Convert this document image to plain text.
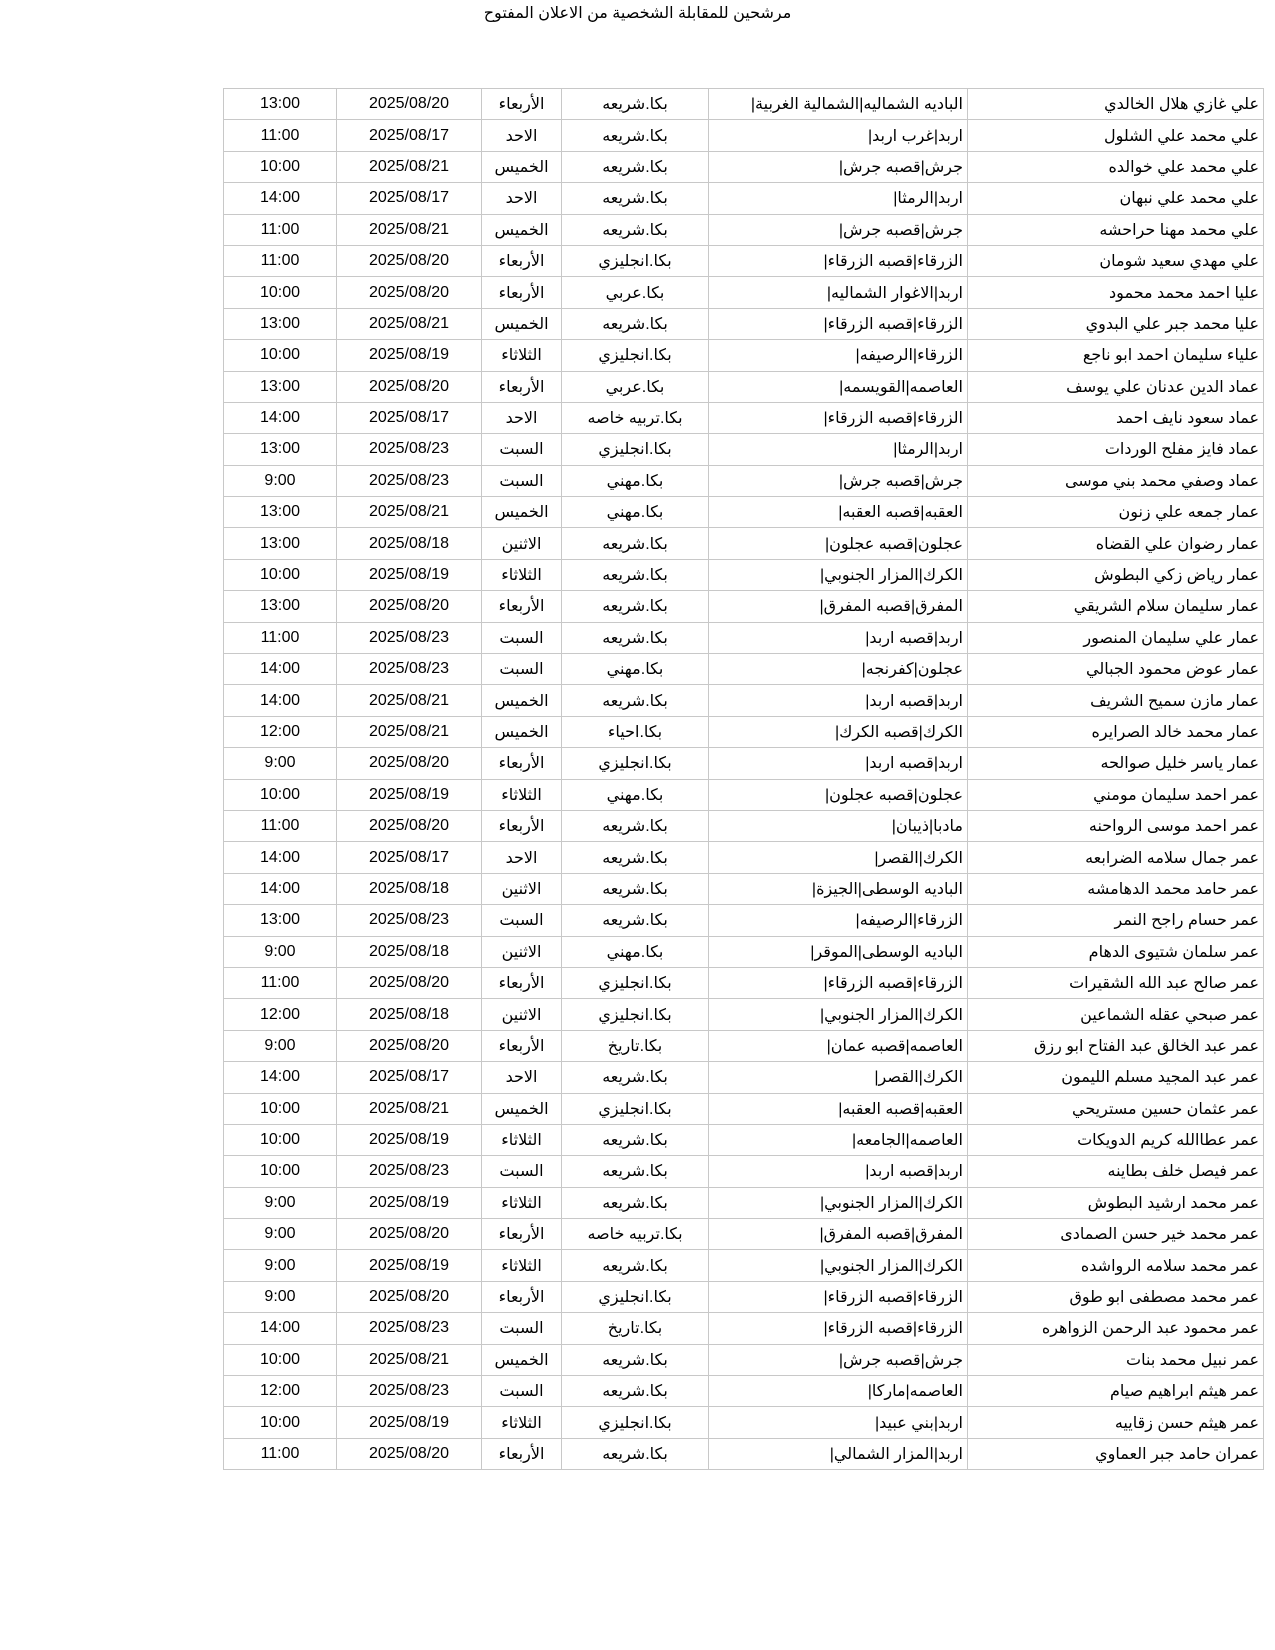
مرشحين للمقابلة الشخصية من الاعلان المفتوح
علي غازي هلال الخالدي	الباديه الشماليه|الشمالية الغربية|	بكا.شريعه	الأربعاء	2025/08/20	13:00
علي محمد علي الشلول	اربد|غرب اربد|	بكا.شريعه	الاحد	2025/08/17	11:00
علي محمد علي خوالده	جرش|قصبه جرش|	بكا.شريعه	الخميس	2025/08/21	10:00
علي محمد علي نبهان	اربد|الرمثا|	بكا.شريعه	الاحد	2025/08/17	14:00
علي محمد مهنا حراحشه	جرش|قصبه جرش|	بكا.شريعه	الخميس	2025/08/21	11:00
علي مهدي سعيد شومان	الزرقاء|قصبه الزرقاء|	بكا.انجليزي	الأربعاء	2025/08/20	11:00
عليا احمد محمد محمود	اربد|الاغوار الشماليه|	بكا.عربي	الأربعاء	2025/08/20	10:00
عليا محمد جبر علي البدوي	الزرقاء|قصبه الزرقاء|	بكا.شريعه	الخميس	2025/08/21	13:00
علياء سليمان احمد ابو ناجع	الزرقاء|الرصيفه|	بكا.انجليزي	الثلاثاء	2025/08/19	10:00
عماد الدين عدنان علي يوسف	العاصمه|القويسمه|	بكا.عربي	الأربعاء	2025/08/20	13:00
عماد سعود نايف احمد	الزرقاء|قصبه الزرقاء|	بكا.تربيه خاصه	الاحد	2025/08/17	14:00
عماد فايز مفلح الوردات	اربد|الرمثا|	بكا.انجليزي	السبت	2025/08/23	13:00
عماد وصفي محمد بني موسى	جرش|قصبه جرش|	بكا.مهني	السبت	2025/08/23	9:00
عمار جمعه علي زنون	العقبه|قصبه العقبه|	بكا.مهني	الخميس	2025/08/21	13:00
عمار رضوان علي القضاه	عجلون|قصبه عجلون|	بكا.شريعه	الاثنين	2025/08/18	13:00
عمار رياض زكي البطوش	الكرك|المزار الجنوبي|	بكا.شريعه	الثلاثاء	2025/08/19	10:00
عمار سليمان سلام الشريقي	المفرق|قصبه المفرق|	بكا.شريعه	الأربعاء	2025/08/20	13:00
عمار علي سليمان المنصور	اربد|قصبه اربد|	بكا.شريعه	السبت	2025/08/23	11:00
عمار عوض محمود الجبالي	عجلون|كفرنجه|	بكا.مهني	السبت	2025/08/23	14:00
عمار مازن سميح الشريف	اربد|قصبه اربد|	بكا.شريعه	الخميس	2025/08/21	14:00
عمار محمد خالد الصرايره	الكرك|قصبه الكرك|	بكا.احياء	الخميس	2025/08/21	12:00
عمار ياسر خليل صوالحه	اربد|قصبه اربد|	بكا.انجليزي	الأربعاء	2025/08/20	9:00
عمر احمد سليمان مومني	عجلون|قصبه عجلون|	بكا.مهني	الثلاثاء	2025/08/19	10:00
عمر احمد موسى الرواحنه	مادبا|ذيبان|	بكا.شريعه	الأربعاء	2025/08/20	11:00
عمر جمال سلامه الضرابعه	الكرك|القصر|	بكا.شريعه	الاحد	2025/08/17	14:00
عمر حامد محمد الدهامشه	الباديه الوسطى|الجيزة|	بكا.شريعه	الاثنين	2025/08/18	14:00
عمر حسام راجح النمر	الزرقاء|الرصيفه|	بكا.شريعه	السبت	2025/08/23	13:00
عمر سلمان شتيوى الدهام	الباديه الوسطى|الموقر|	بكا.مهني	الاثنين	2025/08/18	9:00
عمر صالح عبد الله الشقيرات	الزرقاء|قصبه الزرقاء|	بكا.انجليزي	الأربعاء	2025/08/20	11:00
عمر صبحي عقله الشماعين	الكرك|المزار الجنوبي|	بكا.انجليزي	الاثنين	2025/08/18	12:00
عمر عبد الخالق عبد الفتاح ابو رزق	العاصمه|قصبه عمان|	بكا.تاريخ	الأربعاء	2025/08/20	9:00
عمر عبد المجيد مسلم الليمون	الكرك|القصر|	بكا.شريعه	الاحد	2025/08/17	14:00
عمر عثمان حسين مستريحي	العقبه|قصبه العقبه|	بكا.انجليزي	الخميس	2025/08/21	10:00
عمر عطاالله كريم الدويكات	العاصمه|الجامعه|	بكا.شريعه	الثلاثاء	2025/08/19	10:00
عمر فيصل خلف بطاينه	اربد|قصبه اربد|	بكا.شريعه	السبت	2025/08/23	10:00
عمر محمد ارشيد البطوش	الكرك|المزار الجنوبي|	بكا.شريعه	الثلاثاء	2025/08/19	9:00
عمر محمد خير حسن الصمادى	المفرق|قصبه المفرق|	بكا.تربيه خاصه	الأربعاء	2025/08/20	9:00
عمر محمد سلامه الرواشده	الكرك|المزار الجنوبي|	بكا.شريعه	الثلاثاء	2025/08/19	9:00
عمر محمد مصطفى ابو طوق	الزرقاء|قصبه الزرقاء|	بكا.انجليزي	الأربعاء	2025/08/20	9:00
عمر محمود عبد الرحمن الزواهره	الزرقاء|قصبه الزرقاء|	بكا.تاريخ	السبت	2025/08/23	14:00
عمر نبيل محمد بنات	جرش|قصبه جرش|	بكا.شريعه	الخميس	2025/08/21	10:00
عمر هيثم ابراهيم صيام	العاصمه|ماركا|	بكا.شريعه	السبت	2025/08/23	12:00
عمر هيثم حسن زقاييه	اربد|بني عبيد|	بكا.انجليزي	الثلاثاء	2025/08/19	10:00
عمران حامد جبر العماوي	اربد|المزار الشمالي|	بكا.شريعه	الأربعاء	2025/08/20	11:00
